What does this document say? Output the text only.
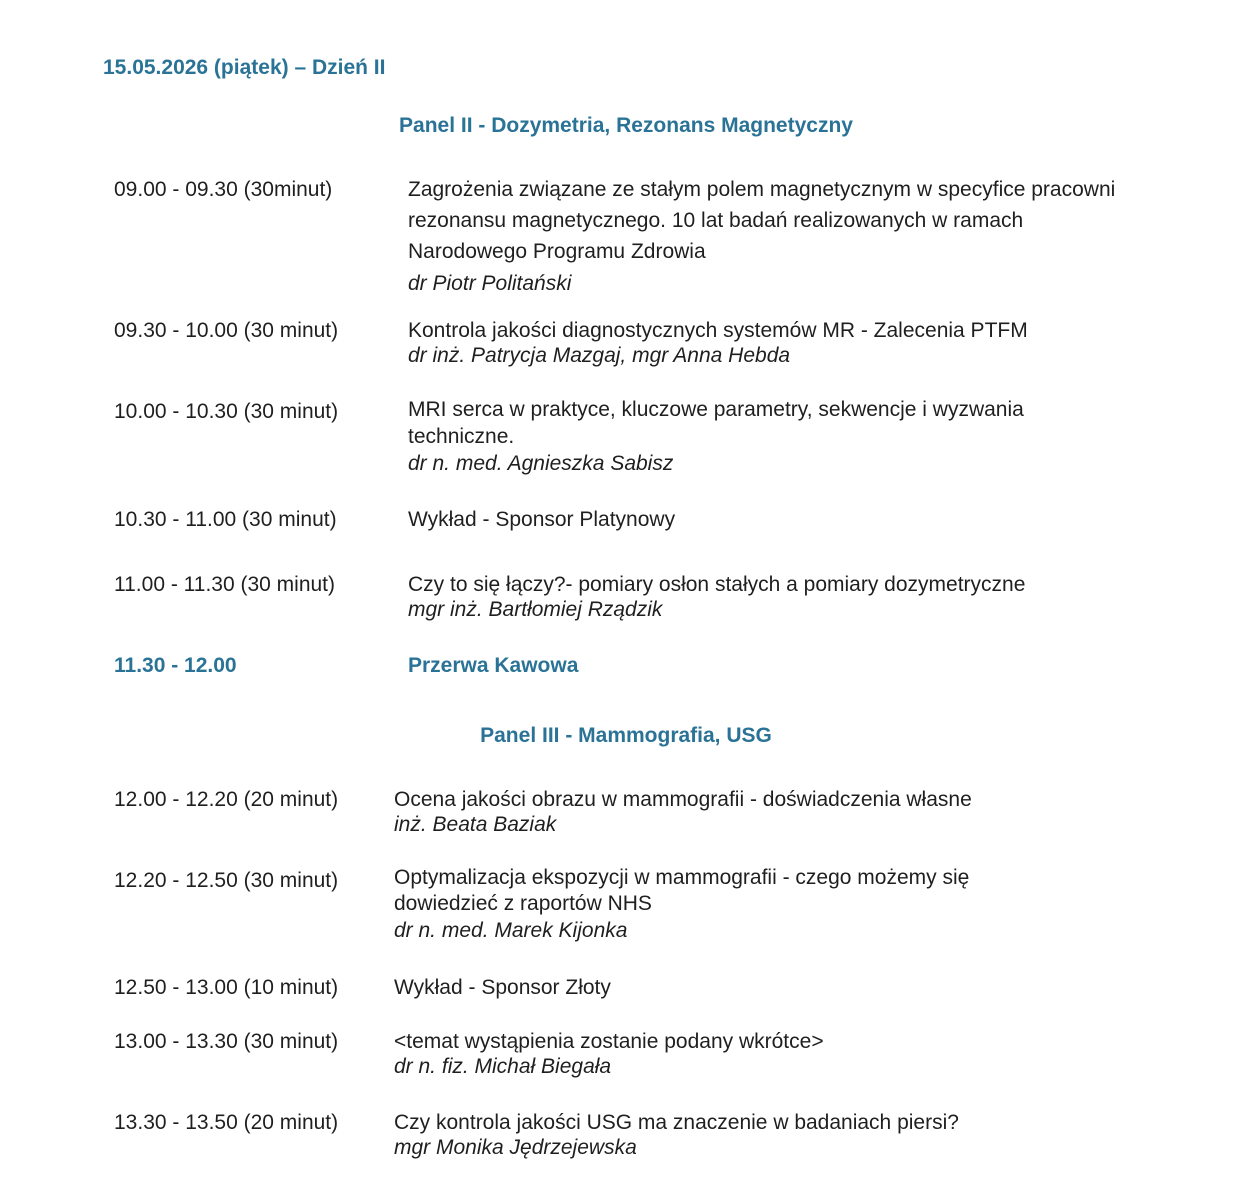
15.05.2026 (piątek) – Dzień II
Panel II - Dozymetria, Rezonans Magnetyczny
09.00 - 09.30 (30minut)	Zagrożenia związane ze stałym polem magnetycznym w specyfice pracowni rezonansu magnetycznego. 10 lat badań realizowanych w ramach Narodowego Programu Zdrowia
dr Piotr Politański
09.30 - 10.00 (30 minut)	Kontrola jakości diagnostycznych systemów MR - Zalecenia PTFM
dr inż. Patrycja Mazgaj, mgr Anna Hebda
10.00 - 10.30 (30 minut)	MRI serca w praktyce, kluczowe parametry, sekwencje i wyzwania techniczne.
dr n. med. Agnieszka Sabisz
10.30 - 11.00 (30 minut)	Wykład - Sponsor Platynowy
11.00 - 11.30 (30 minut)	Czy to się łączy?- pomiary osłon stałych a pomiary dozymetryczne
mgr inż. Bartłomiej Rządzik
11.30 - 12.00	Przerwa Kawowa
Panel III - Mammografia, USG
12.00 - 12.20 (20 minut)	Ocena jakości obrazu w mammografii - doświadczenia własne
inż. Beata Baziak
12.20 - 12.50 (30 minut)	Optymalizacja ekspozycji w mammografii - czego możemy się dowiedzieć z raportów NHS
dr n. med. Marek Kijonka
12.50 - 13.00 (10 minut)	Wykład - Sponsor Złoty
13.00 - 13.30 (30 minut)	<temat wystąpienia zostanie podany wkrótce>
dr n. fiz. Michał Biegała
13.30 - 13.50 (20 minut)	Czy kontrola jakości USG ma znaczenie w badaniach piersi?
mgr Monika Jędrzejewska
